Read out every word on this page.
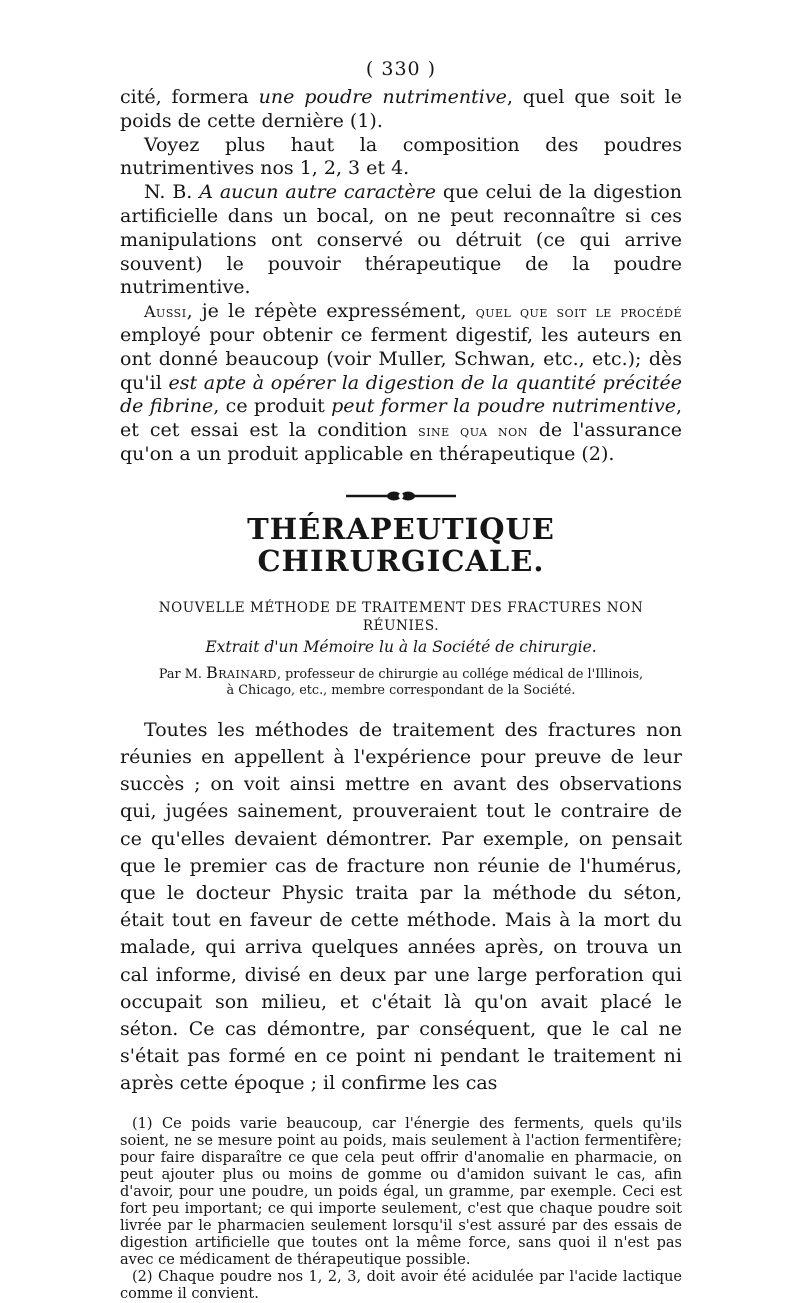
( 330 )

cité, formera une poudre nutrimentive, quel que soit le poids de cette dernière (1).

Voyez plus haut la composition des poudres nutrimentives nos 1, 2, 3 et 4.

N. B. A aucun autre caractère que celui de la digestion artificielle dans un bocal, on ne peut reconnaître si ces manipulations ont conservé ou détruit (ce qui arrive souvent) le pouvoir thérapeutique de la poudre nutrimentive.

Aussi, je le répète expressément, quel que soit le procédé employé pour obtenir ce ferment digestif, les auteurs en ont donné beaucoup (voir Muller, Schwan, etc., etc.); dès qu'il est apte à opérer la digestion de la quantité précitée de fibrine, ce produit peut former la poudre nutrimentive, et cet essai est la condition sine qua non de l'assurance qu'on a un produit applicable en thérapeutique (2).

THÉRAPEUTIQUE CHIRURGICALE.
NOUVELLE MÉTHODE DE TRAITEMENT DES FRACTURES NON RÉUNIES.
Extrait d'un Mémoire lu à la Société de chirurgie.
Par M. Brainard, professeur de chirurgie au collége médical de l'Illinois,
à Chicago, etc., membre correspondant de la Société.

Toutes les méthodes de traitement des fractures non réunies en appellent à l'expérience pour preuve de leur succès ; on voit ainsi mettre en avant des observations qui, jugées sainement, prouveraient tout le contraire de ce qu'elles devaient démontrer. Par exemple, on pensait que le premier cas de fracture non réunie de l'humérus, que le docteur Physic traita par la méthode du séton, était tout en faveur de cette méthode. Mais à la mort du malade, qui arriva quelques années après, on trouva un cal informe, divisé en deux par une large perforation qui occupait son milieu, et c'était là qu'on avait placé le séton. Ce cas démontre, par conséquent, que le cal ne s'était pas formé en ce point ni pendant le traitement ni après cette époque ; il confirme les cas

(1) Ce poids varie beaucoup, car l'énergie des ferments, quels qu'ils soient, ne se mesure point au poids, mais seulement à l'action fermentifère; pour faire disparaître ce que cela peut offrir d'anomalie en pharmacie, on peut ajouter plus ou moins de gomme ou d'amidon suivant le cas, afin d'avoir, pour une poudre, un poids égal, un gramme, par exemple. Ceci est fort peu important; ce qui importe seulement, c'est que chaque poudre soit livrée par le pharmacien seulement lorsqu'il s'est assuré par des essais de digestion artificielle que toutes ont la même force, sans quoi il n'est pas avec ce médicament de thérapeutique possible.

(2) Chaque poudre nos 1, 2, 3, doit avoir été acidulée par l'acide lactique comme il convient.
